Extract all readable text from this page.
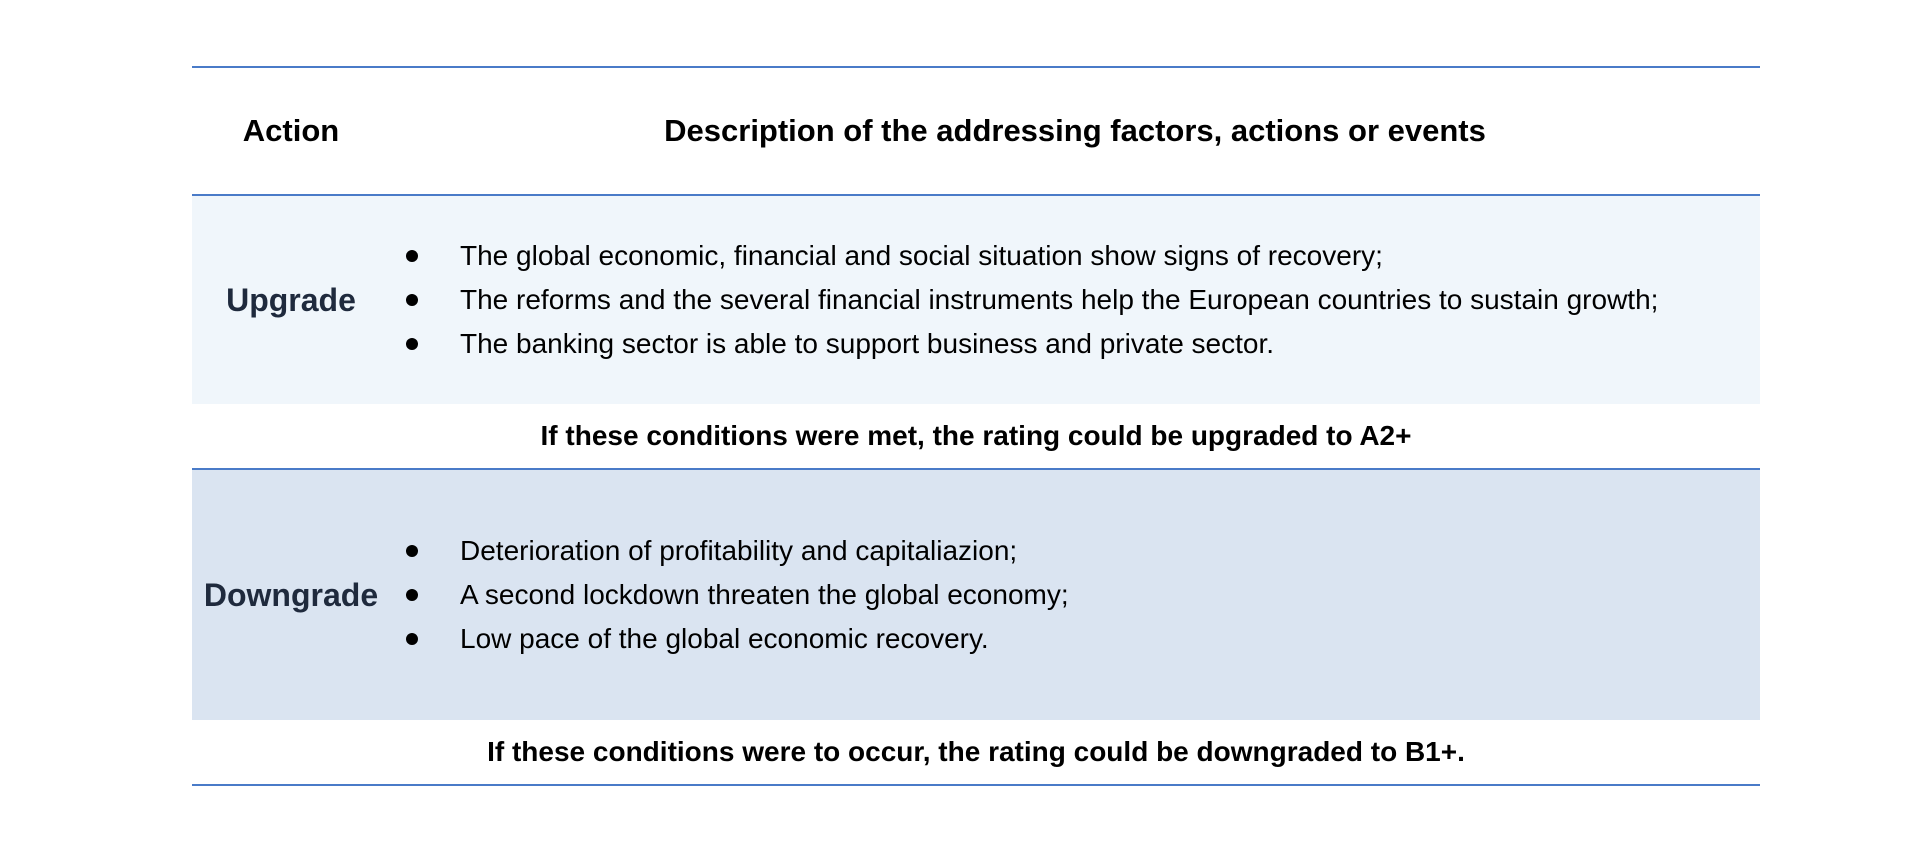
Action	Description of the addressing factors, actions or events
Upgrade
The global economic, financial and social situation show signs of recovery;
The reforms and the several financial instruments help the European countries to sustain growth;
The banking sector is able to support business and private sector.
If these conditions were met, the rating could be upgraded to A2+
Downgrade
Deterioration of profitability and capitaliazion;
A second lockdown threaten the global economy;
Low pace of the global economic recovery.
If these conditions were to occur, the rating could be downgraded to B1+.
